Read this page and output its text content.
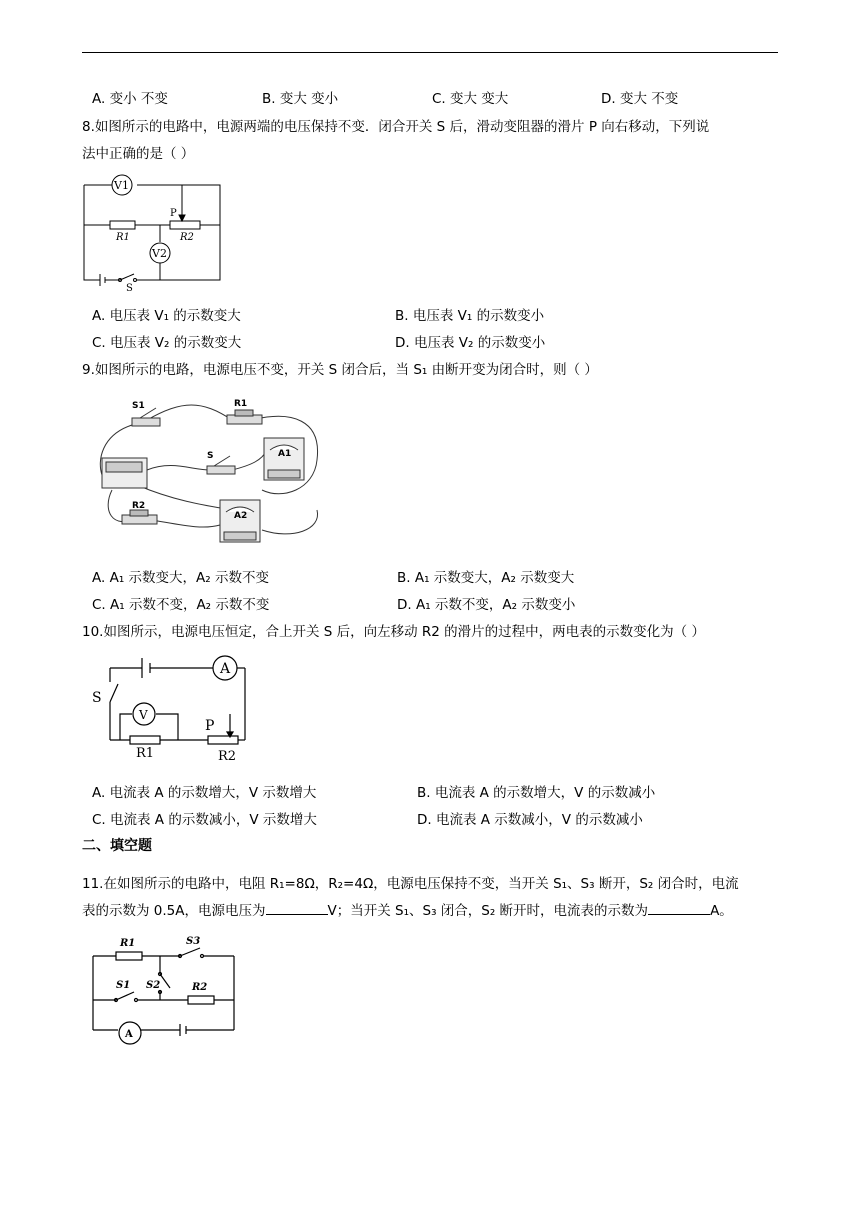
A. 变小 不变	B. 变大 变小	C. 变大 变大	D. 变大 不变
8.如图所示的电路中，电源两端的电压保持不变．闭合开关 S 后，滑动变阻器的滑片 P 向右移动，下列说
法中正确的是（ ）
V1
V2
P
R1	R2
S
A. 电压表 V₁ 的示数变大	B. 电压表 V₁ 的示数变小
C. 电压表 V₂ 的示数变大	D. 电压表 V₂ 的示数变小
9.如图所示的电路，电源电压不变，开关 S 闭合后，当 S₁ 由断开变为闭合时，则（ ）
S1	R1
S	A1
R2
A2
A. A₁ 示数变大，A₂ 示数不变	B. A₁ 示数变大，A₂ 示数变大
C. A₁ 示数不变，A₂ 示数不变	D. A₁ 示数不变，A₂ 示数变小
10.如图所示，电源电压恒定，合上开关 S 后，向左移动 R2 的滑片的过程中，两电表的示数变化为（ ）
A
S
V
P
R1	R2
A. 电流表 A 的示数增大，V 示数增大	B. 电流表 A 的示数增大，V 的示数减小
C. 电流表 A 的示数减小，V 示数增大	D. 电流表 A 示数减小，V 的示数减小
二、填空题
11.在如图所示的电路中，电阻 R₁=8Ω，R₂=4Ω，电源电压保持不变，当开关 S₁、S₃ 断开，S₂ 闭合时，电流
表的示数为 0.5A，电源电压为	V；当开关 S₁、S₃ 闭合，S₂ 断开时，电流表的示数为	A。
R1	S3
S1 S2	R2
A
